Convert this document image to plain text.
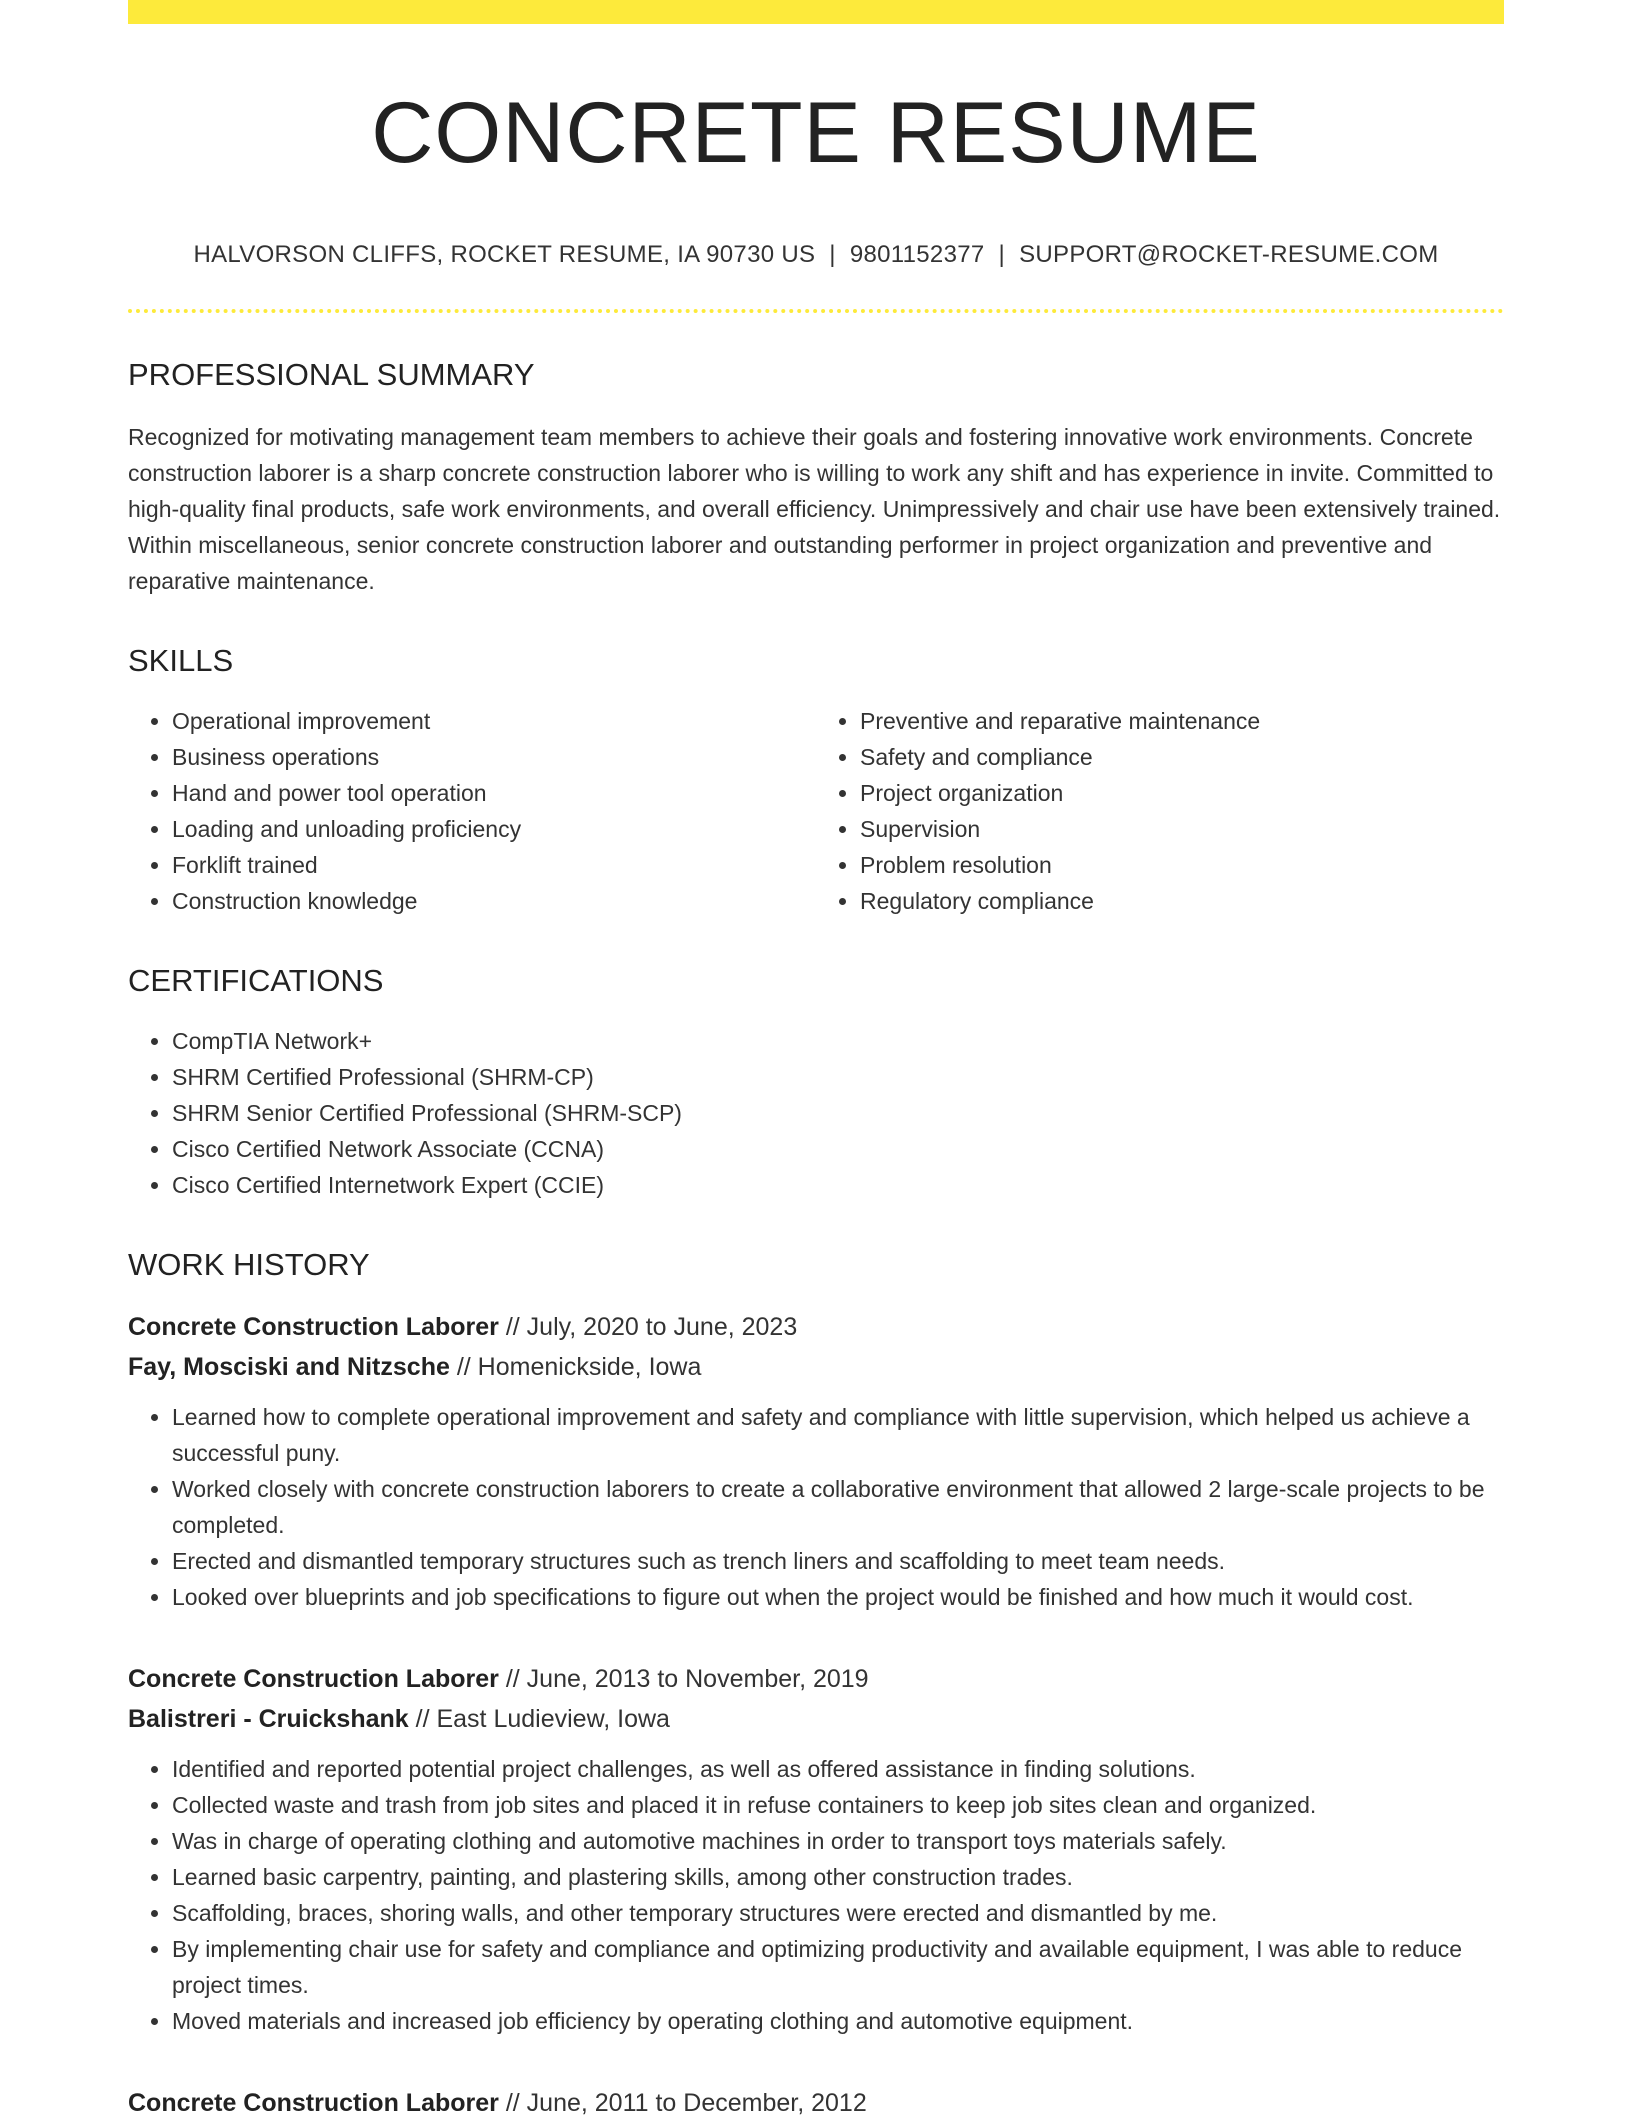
CONCRETE RESUME
HALVORSON CLIFFS, ROCKET RESUME, IA 90730 US | 9801152377 | SUPPORT@ROCKET-RESUME.COM
PROFESSIONAL SUMMARY

Recognized for motivating management team members to achieve their goals and fostering innovative work environments. Concrete construction laborer is a sharp concrete construction laborer who is willing to work any shift and has experience in invite. Committed to high-quality final products, safe work environments, and overall efficiency. Unimpressively and chair use have been extensively trained. Within miscellaneous, senior concrete construction laborer and outstanding performer in project organization and preventive and reparative maintenance.

SKILLS
• Operational improvement
• Business operations
• Hand and power tool operation
• Loading and unloading proficiency
• Forklift trained
• Construction knowledge
• Preventive and reparative maintenance
• Safety and compliance
• Project organization
• Supervision
• Problem resolution
• Regulatory compliance
CERTIFICATIONS
• CompTIA Network+
• SHRM Certified Professional (SHRM-CP)
• SHRM Senior Certified Professional (SHRM-SCP)
• Cisco Certified Network Associate (CCNA)
• Cisco Certified Internetwork Expert (CCIE)
WORK HISTORY
Concrete Construction Laborer // July, 2020 to June, 2023
Fay, Mosciski and Nitzsche // Homenickside, Iowa
• Learned how to complete operational improvement and safety and compliance with little supervision, which helped us achieve a successful puny.
• Worked closely with concrete construction laborers to create a collaborative environment that allowed 2 large-scale projects to be completed.
• Erected and dismantled temporary structures such as trench liners and scaffolding to meet team needs.
• Looked over blueprints and job specifications to figure out when the project would be finished and how much it would cost.
Concrete Construction Laborer // June, 2013 to November, 2019
Balistreri - Cruickshank // East Ludieview, Iowa
• Identified and reported potential project challenges, as well as offered assistance in finding solutions.
• Collected waste and trash from job sites and placed it in refuse containers to keep job sites clean and organized.
• Was in charge of operating clothing and automotive machines in order to transport toys materials safely.
• Learned basic carpentry, painting, and plastering skills, among other construction trades.
• Scaffolding, braces, shoring walls, and other temporary structures were erected and dismantled by me.
• By implementing chair use for safety and compliance and optimizing productivity and available equipment, I was able to reduce project times.
• Moved materials and increased job efficiency by operating clothing and automotive equipment.
Concrete Construction Laborer // June, 2011 to December, 2012
